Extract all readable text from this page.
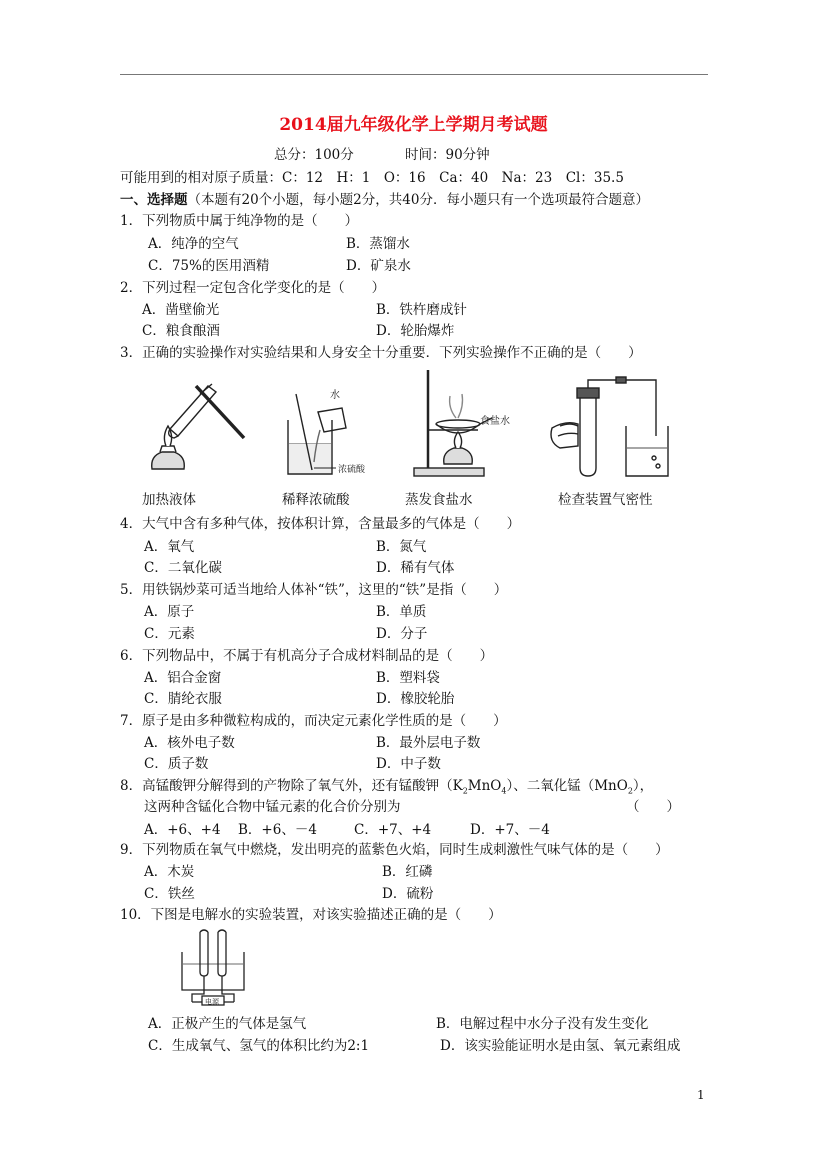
2014届九年级化学上学期月考试题
总分：100分	时间：90分钟
可能用到的相对原子质量：C：12　H：1　O：16　Ca：40　Na：23　Cl：35.5
一、选择题（本题有20个小题，每小题2分，共40分．每小题只有一个选项最符合题意）
1．下列物质中属于纯净物的是（　　）
A．纯净的空气	B．蒸馏水
C．75%的医用酒精	D．矿泉水
2．下列过程一定包含化学变化的是（　　）
A．凿壁偷光	B．铁杵磨成针
C．粮食酿酒	D．轮胎爆炸
3．正确的实验操作对实验结果和人身安全十分重要．下列实验操作不正确的是（　　）
加热液体
水
浓硫酸
稀释浓硫酸
食盐水
蒸发食盐水	检查装置气密性
4．大气中含有多种气体，按体积计算，含量最多的气体是（　　）
A．氧气	B．氮气
C．二氧化碳	D．稀有气体
5．用铁锅炒菜可适当地给人体补“铁”，这里的“铁”是指（　　）
A．原子	B．单质
C．元素	D．分子
6．下列物品中，不属于有机高分子合成材料制品的是（　　）
A．铝合金窗	B．塑料袋
C．腈纶衣服	D．橡胶轮胎
7．原子是由多种微粒构成的，而决定元素化学性质的是（　　）
A．核外电子数	B．最外层电子数
C．质子数	D．中子数
8．高锰酸钾分解得到的产物除了氧气外，还有锰酸钾$(K_2MnO_4)$、二氧化锰（MnO$_2$），
这两种含锰化合物中锰元素的化合价分别为	（　　）
A．+6、+4 B．+6、－4	C．+7、+4	D．+7、－4
9．下列物质在氧气中燃烧，发出明亮的蓝紫色火焰，同时生成刺激性气味气体的是（　　）
A．木炭	B．红磷
C．铁丝	D．硫粉
10．下图是电解水的实验装置，对该实验描述正确的是（　　）
电源
A．正极产生的气体是氢气	B．电解过程中水分子没有发生变化
C．生成氧气、氢气的体积比约为2:1	D．该实验能证明水是由氢、氧元素组成
1
